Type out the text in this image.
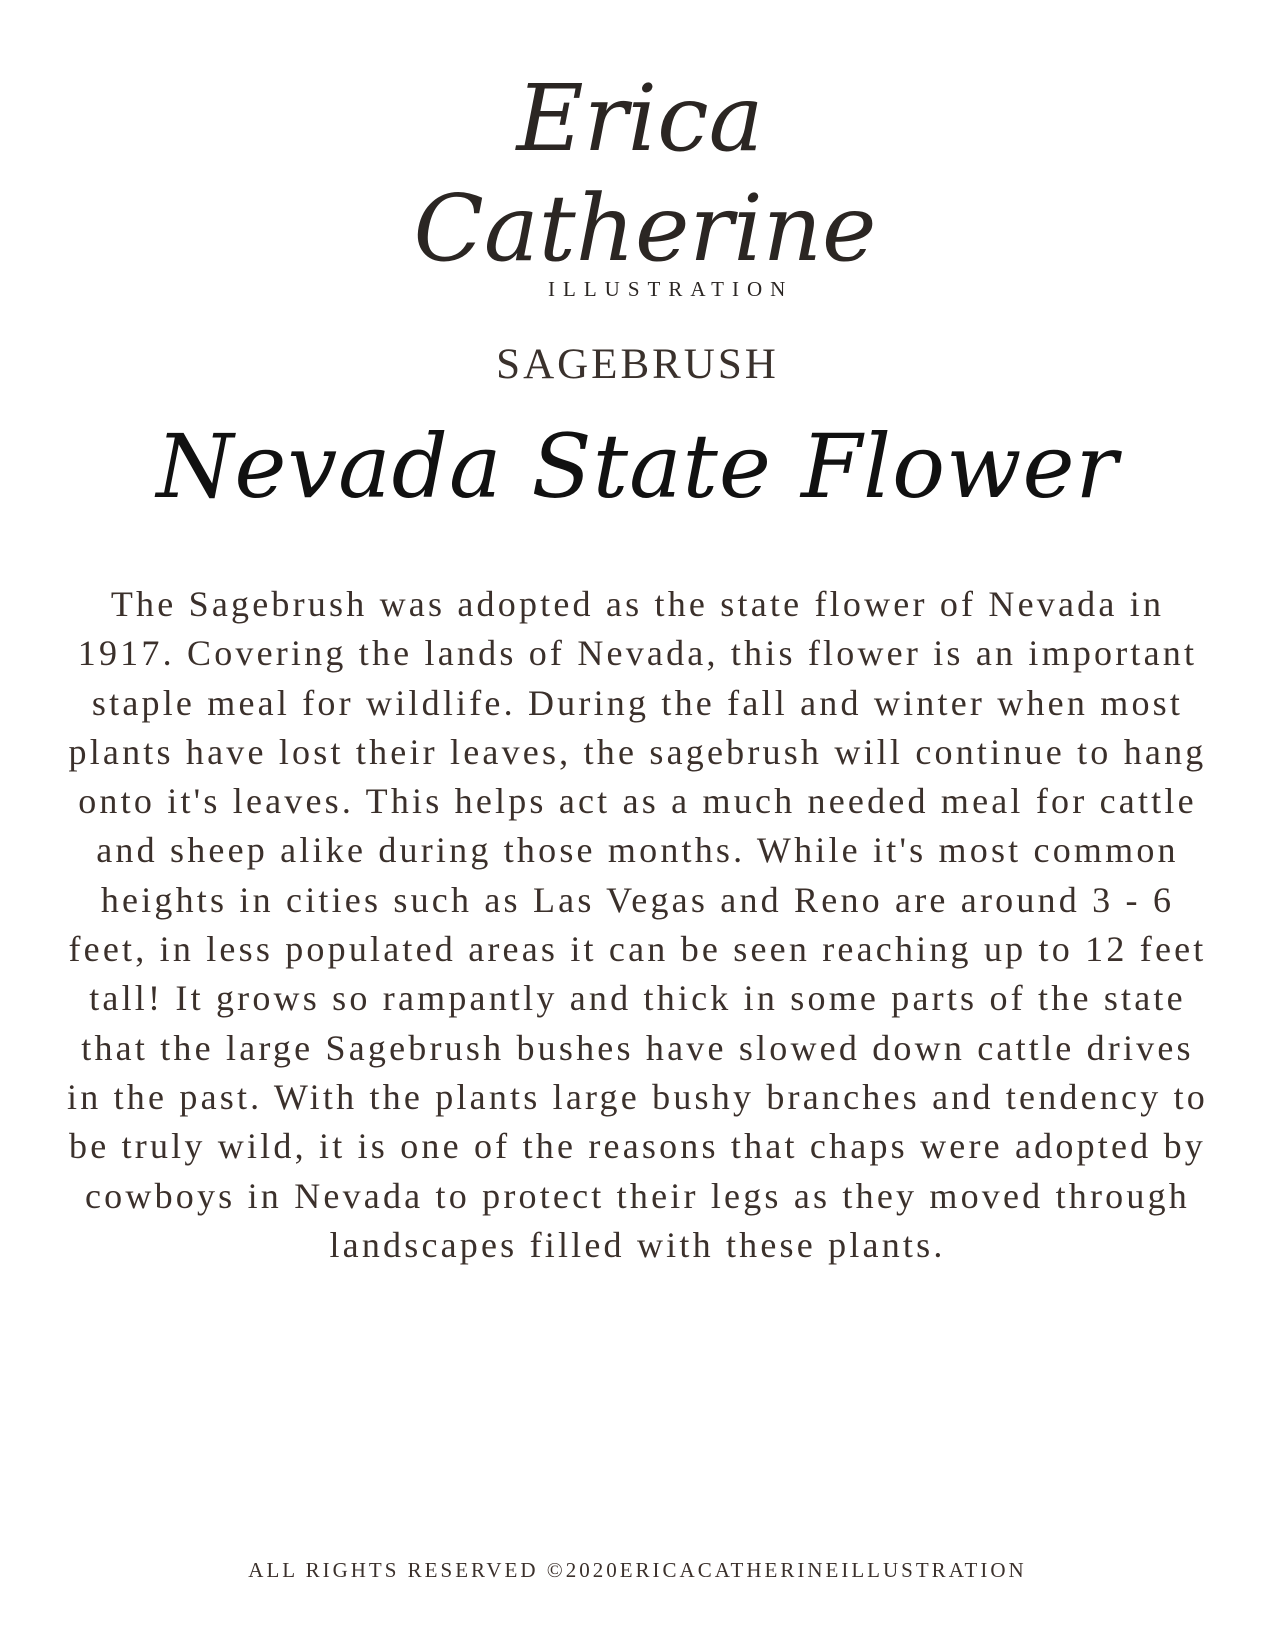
Erica
Catherine
ILLUSTRATION
SAGEBRUSH
Nevada State Flower

The Sagebrush was adopted as the state flower of Nevada in 1917. Covering the lands of Nevada, this flower is an important staple meal for wildlife. During the fall and winter when most plants have lost their leaves, the sagebrush will continue to hang onto it's leaves. This helps act as a much needed meal for cattle and sheep alike during those months. While it's most common heights in cities such as Las Vegas and Reno are around 3 - 6 feet, in less populated areas it can be seen reaching up to 12 feet tall! It grows so rampantly and thick in some parts of the state that the large Sagebrush bushes have slowed down cattle drives in the past. With the plants large bushy branches and tendency to be truly wild, it is one of the reasons that chaps were adopted by cowboys in Nevada to protect their legs as they moved through landscapes filled with these plants.

ALL RIGHTS RESERVED ©2020ERICACATHERINEILLUSTRATION
